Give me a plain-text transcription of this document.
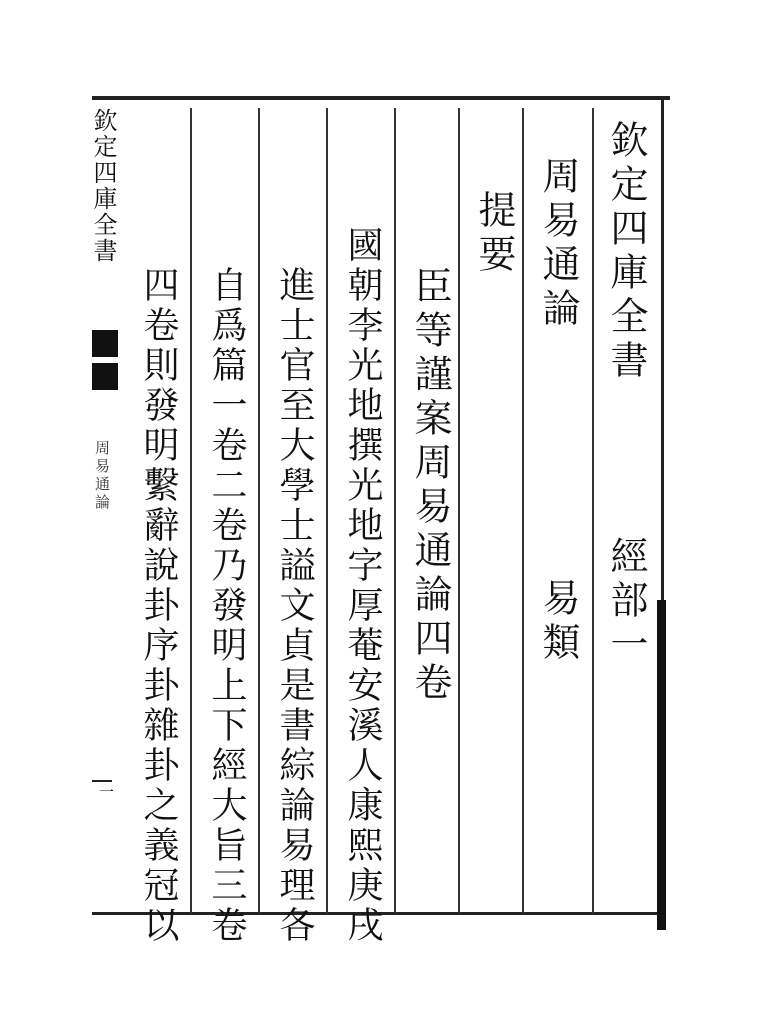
欽定四庫全書
周易通論
一
欽定四庫全書
經部一
周易通論
易類
提要
臣等謹案周易通論四卷
國朝李光地撰光地字厚菴安溪人康熙庚戌
進士官至大學士謚文貞是書綜論易理各
自爲篇一卷二卷乃發明上下經大旨三卷
四卷則發明繫辭說卦序卦雜卦之義冠以
